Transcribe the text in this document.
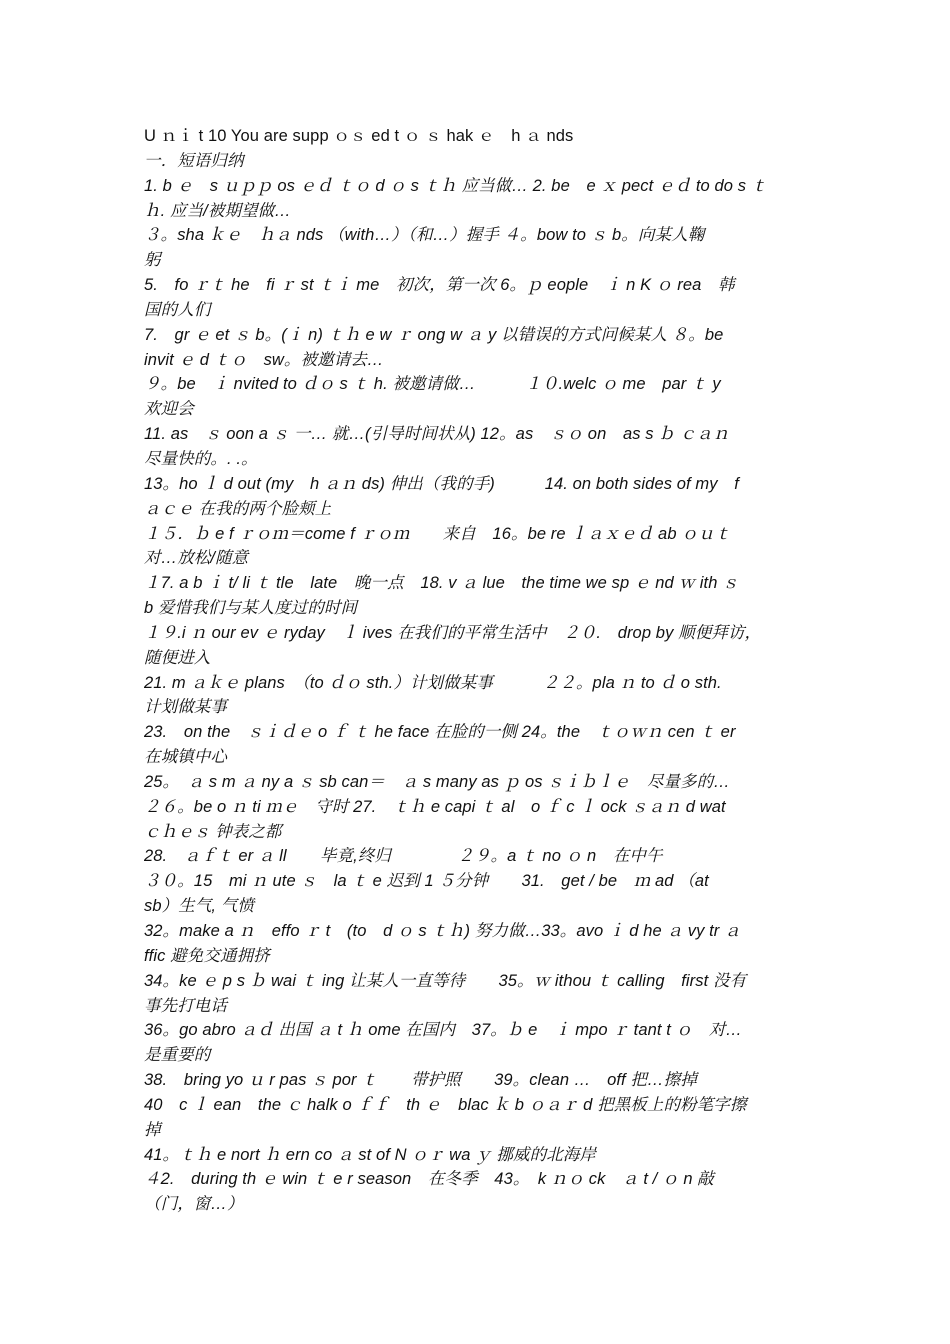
U ｎｉ t 10 You are supp ｏｓ ed t ｏ ｓ hak ｅ　h ａ nds
一．短语归纳
1. b ｅ　s ｕｐｐ os ｅｄ ｔｏ d ｏ s ｔｈ 应当做… 2. be　e ｘ pect ｅｄ to do s ｔ
ｈ. 应当/被期望做…
３。sha ｋｅ　ｈａ nds （with…）（和…）握手 ４。bow to ｓ b。向某人鞠
躬
5.　fo ｒｔ he　fi ｒ st ｔｉ me　初次，第一次 6。ｐ eople　ｉ n K ｏ rea　韩
国的人们
7.　gr ｅ et ｓ b。(ｉ n) ｔｈ e w ｒ ong w ａ y 以错误的方式问候某人 ８。be
invit ｅ d ｔｏ　sw。被邀请去…
９。be　ｉ nvited to ｄｏ s ｔ h. 被邀请做…　　　１０.welc ｏ me　par ｔ y
欢迎会
11. as　ｓ oon a ｓ 一… 就…(引导时间状从) 12。as　ｓｏ on　as s ｂ ｃａｎ
尽量快的。. .。
13。ho ｌ d out (my　h ａｎ ds) 伸出（我的手)　　　14. on both sides of my　f
ａｃｅ 在我的两个脸颊上
１５．ｂ e f ｒｏｍ＝come f ｒｏｍ　　来自　16。be re ｌａｘｅｄ ab ｏｕｔ
对…放松/随意
１7. a b ｉ t/ li ｔ tle　late　晚一点　18. v ａ lue　the time we sp ｅ nd ｗ ith ｓ
b 爱惜我们与某人度过的时间
１９.i ｎ our ev ｅ ryday　ｌ ives 在我们的平常生活中　２０.　drop by 顺便拜访，
随便进入
21. m ａｋｅ plans　（to ｄｏ sth.）计划做某事　　　２２。pla ｎ to ｄ o sth.
计划做某事
23.　on the　ｓｉｄｅ o ｆ ｔ he face 在脸的一侧 24。the　ｔｏｗｎ cen ｔ er
在城镇中心
25。　ａ s m ａ ny a ｓ sb can＝　ａ s many as ｐ os ｓｉｂｌｅ　尽量多的…
２６。be o ｎ ti ｍｅ　守时 27.　ｔｈ e capi ｔ al　o ｆ c ｌ ock ｓａｎ d wat
ｃｈｅｓ 钟表之都
28.　ａｆｔ er ａ ll　　毕竟,终归　　　　２９。a ｔ no ｏ n　在中午
３０。15　mi ｎ ute ｓ　la ｔ e 迟到 1 ５分钟　　31.　get / be　ｍ ad （at
sb）生气, 气愤
32。make a ｎ　effo ｒ t　(to　d ｏ s ｔｈ) 努力做…33。avo ｉ d he ａ vy tr ａ
ffic 避免交通拥挤
34。ke ｅ p s ｂ wai ｔ ing 让某人一直等待　　35。ｗ ithou ｔ calling　first 没有
事先打电话
36。go abro ａｄ 出国 ａ t ｈ ome 在国内　37。ｂ e　ｉ mpo ｒ tant t ｏ　对…
是重要的
38.　bring yo ｕ r pas ｓ por ｔ　　带护照　　39。clean …　off 把…擦掉
40　c ｌ ean　the ｃ halk o ｆｆ　th ｅ　blac ｋ b ｏａｒ d 把黑板上的粉笔字擦
掉
41。ｔｈ e nort ｈ ern co ａ st of N ｏｒ wa ｙ 挪威的北海岸
４2.　during th ｅ win ｔ e r season　在冬季　43。　k ｎｏ ck　ａ t / ｏ n 敲
（门，窗…）
